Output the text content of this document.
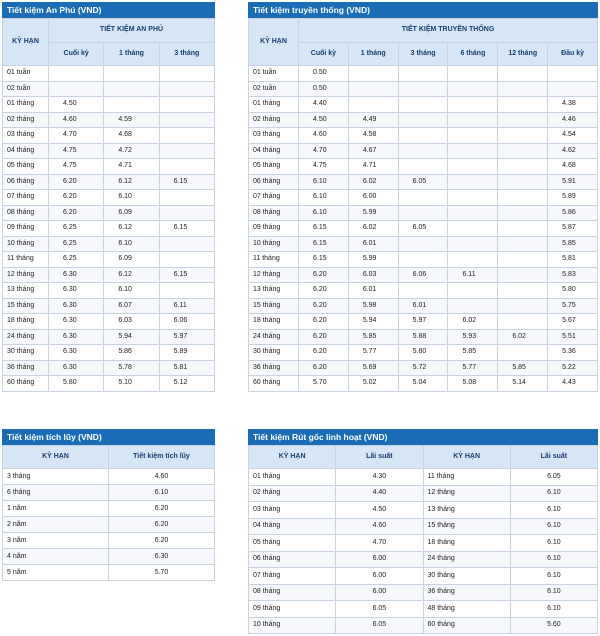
Tiết kiệm An Phú (VND)
KỲ HẠN	TIẾT KIỆM AN PHÚ		
	Cuối kỳ	1 tháng	3 tháng
01 tuần			
02 tuần			
01 tháng	4.50		
02 tháng	4.60	4.59	
03 tháng	4.70	4.68	
04 tháng	4.75	4.72	
05 tháng	4.75	4.71	
06 tháng	6.20	6.12	6.15
07 tháng	6.20	6.10	
08 tháng	6.20	6.09	
09 tháng	6.25	6.12	6.15
10 tháng	6.25	6.10	
11 tháng	6.25	6.09	
12 tháng	6.30	6.12	6.15
13 tháng	6.30	6.10	
15 tháng	6.30	6.07	6.11
18 tháng	6.30	6.03	6.06
24 tháng	6.30	5.94	5.97
30 tháng	6.30	5.86	5.89
36 tháng	6.30	5.78	5.81
60 tháng	5.80	5.10	5.12
Tiết kiệm truyền thống (VND)
KỲ HẠN	TIẾT KIỆM TRUYỀN THỐNG					
	Cuối kỳ	1 tháng	3 tháng	6 tháng	12 tháng	Đầu kỳ
01 tuần	0.50					
02 tuần	0.50					
01 tháng	4.40					4.38
02 tháng	4.50	4.49				4.46
03 tháng	4.60	4.58				4.54
04 tháng	4.70	4.67				4.62
05 tháng	4.75	4.71				4.68
06 tháng	6.10	6.02	6.05			5.91
07 tháng	6.10	6.00				5.89
08 tháng	6.10	5.99				5.86
09 tháng	6.15	6.02	6.05			5.87
10 tháng	6.15	6.01				5.85
11 tháng	6.15	5.99				5.81
12 tháng	6.20	6.03	6.06	6.11		5.83
13 tháng	6.20	6.01				5.80
15 tháng	6.20	5.98	6.01			5.75
18 tháng	6.20	5.94	5.97	6.02		5.67
24 tháng	6.20	5.85	5.88	5.93	6.02	5.51
30 tháng	6.20	5.77	5.80	5.85		5.36
36 tháng	6.20	5.69	5.72	5.77	5.85	5.22
60 tháng	5.70	5.02	5.04	5.08	5.14	4.43
Tiết kiệm tích lũy (VND)
KỲ HẠN	Tiết kiệm tích lũy
3 tháng	4.60
6 tháng	6.10
1 năm	6.20
2 năm	6.20
3 năm	6.20
4 năm	6.30
5 năm	5.70
Tiết kiệm Rút gốc linh hoạt (VND)
KỲ HẠN	Lãi suất	KỲ HẠN	Lãi suất
01 tháng	4.30	11 tháng	6.05
02 tháng	4.40	12 tháng	6.10
03 tháng	4.50	13 tháng	6.10
04 tháng	4.60	15 tháng	6.10
05 tháng	4.70	18 tháng	6.10
06 tháng	6.00	24 tháng	6.10
07 tháng	6.00	30 tháng	6.10
08 tháng	6.00	36 tháng	6.10
09 tháng	6.05	48 tháng	6.10
10 tháng	6.05	60 tháng	5.60
